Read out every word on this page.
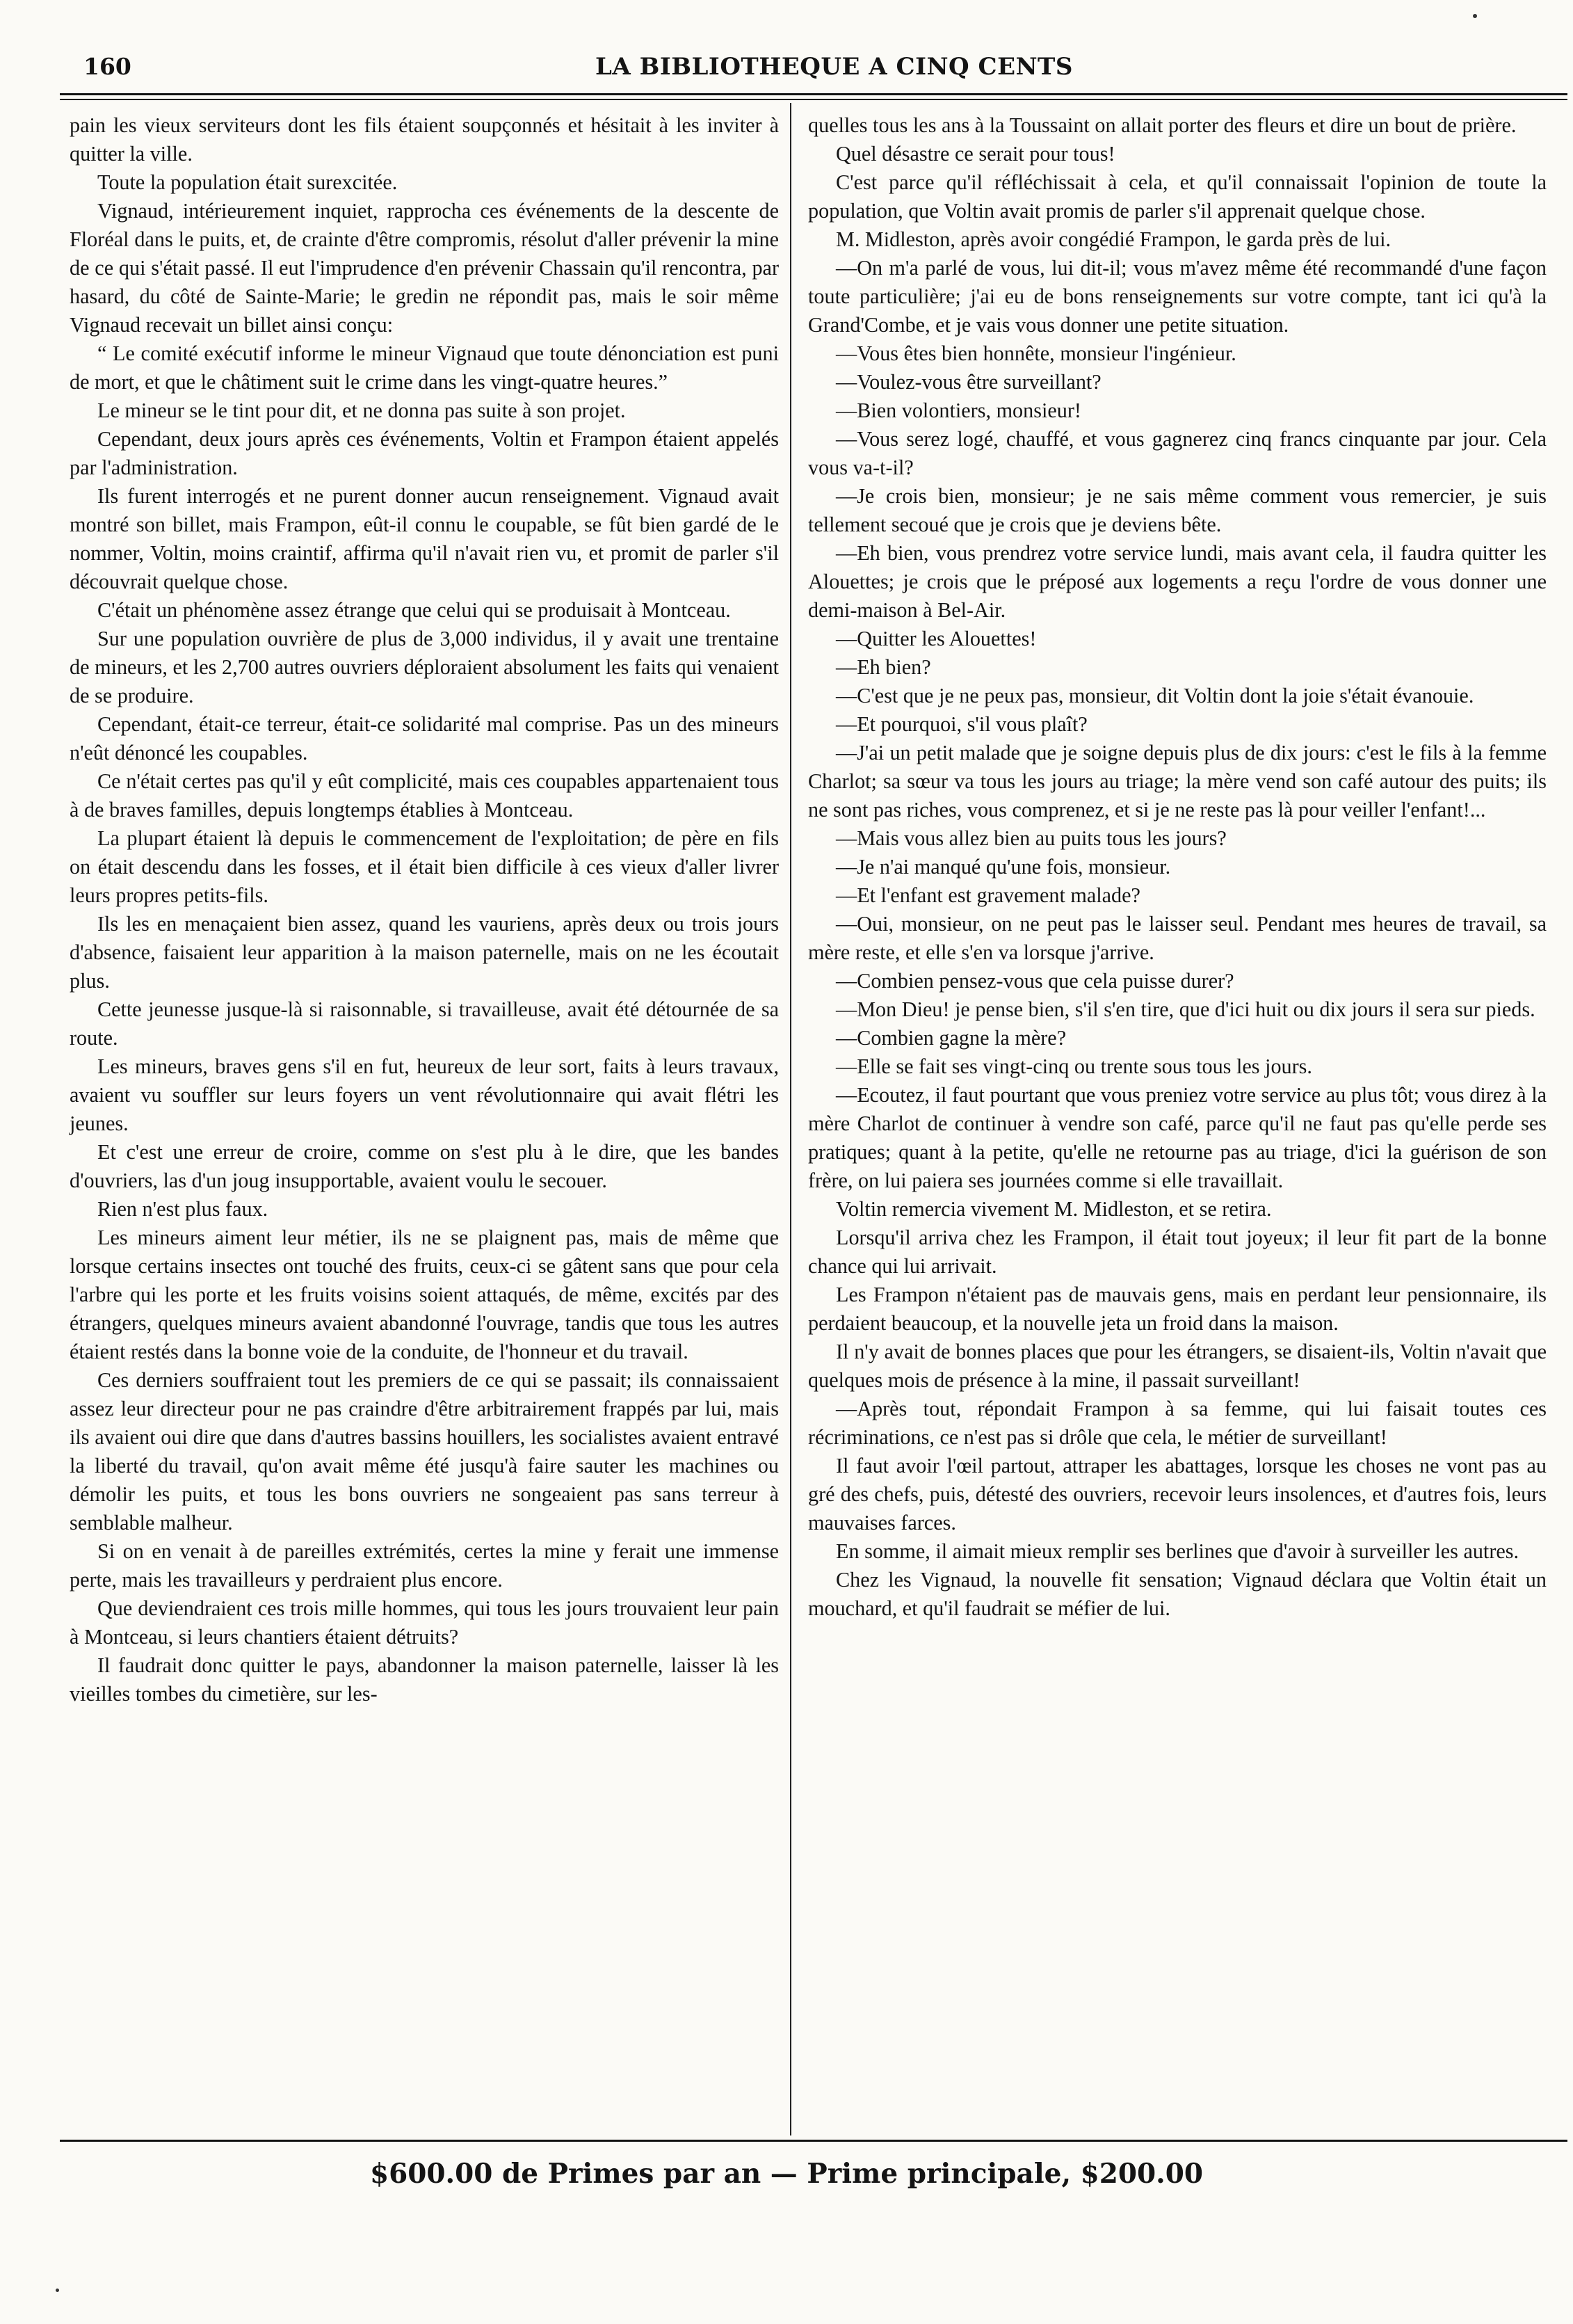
160	LA BIBLIOTHEQUE A CINQ CENTS

pain les vieux serviteurs dont les fils étaient soupçonnés et hésitait à les inviter à quitter la ville.

Toute la population était surexcitée.

Vignaud, intérieurement inquiet, rapprocha ces événements de la descente de Floréal dans le puits, et, de crainte d'être compromis, résolut d'aller prévenir la mine de ce qui s'était passé. Il eut l'imprudence d'en prévenir Chassain qu'il rencontra, par hasard, du côté de Sainte-Marie; le gredin ne répondit pas, mais le soir même Vignaud recevait un billet ainsi conçu:

“ Le comité exécutif informe le mineur Vignaud que toute dénonciation est puni de mort, et que le châtiment suit le crime dans les vingt-quatre heures.”

Le mineur se le tint pour dit, et ne donna pas suite à son projet.

Cependant, deux jours après ces événements, Voltin et Frampon étaient appelés par l'administration.

Ils furent interrogés et ne purent donner aucun renseignement. Vignaud avait montré son billet, mais Frampon, eût-il connu le coupable, se fût bien gardé de le nommer, Voltin, moins craintif, affirma qu'il n'avait rien vu, et promit de parler s'il découvrait quelque chose.

C'était un phénomène assez étrange que celui qui se produisait à Montceau.

Sur une population ouvrière de plus de 3,000 individus, il y avait une trentaine de mineurs, et les 2,700 autres ouvriers déploraient absolument les faits qui venaient de se produire.

Cependant, était-ce terreur, était-ce solidarité mal comprise. Pas un des mineurs n'eût dénoncé les coupables.

Ce n'était certes pas qu'il y eût complicité, mais ces coupables appartenaient tous à de braves familles, depuis longtemps établies à Montceau.

La plupart étaient là depuis le commencement de l'exploitation; de père en fils on était descendu dans les fosses, et il était bien difficile à ces vieux d'aller livrer leurs propres petits-fils.

Ils les en menaçaient bien assez, quand les vauriens, après deux ou trois jours d'absence, faisaient leur apparition à la maison paternelle, mais on ne les écoutait plus.

Cette jeunesse jusque-là si raisonnable, si travailleuse, avait été détournée de sa route.

Les mineurs, braves gens s'il en fut, heureux de leur sort, faits à leurs travaux, avaient vu souffler sur leurs foyers un vent révolutionnaire qui avait flétri les jeunes.

Et c'est une erreur de croire, comme on s'est plu à le dire, que les bandes d'ouvriers, las d'un joug insupportable, avaient voulu le secouer.

Rien n'est plus faux.

Les mineurs aiment leur métier, ils ne se plaignent pas, mais de même que lorsque certains insectes ont touché des fruits, ceux-ci se gâtent sans que pour cela l'arbre qui les porte et les fruits voisins soient attaqués, de même, excités par des étrangers, quelques mineurs avaient abandonné l'ouvrage, tandis que tous les autres étaient restés dans la bonne voie de la conduite, de l'honneur et du travail.

Ces derniers souffraient tout les premiers de ce qui se passait; ils connaissaient assez leur directeur pour ne pas craindre d'être arbitrairement frappés par lui, mais ils avaient oui dire que dans d'autres bassins houillers, les socialistes avaient entravé la liberté du travail, qu'on avait même été jusqu'à faire sauter les machines ou démolir les puits, et tous les bons ouvriers ne songeaient pas sans terreur à semblable malheur.

Si on en venait à de pareilles extrémités, certes la mine y ferait une immense perte, mais les travailleurs y perdraient plus encore.

Que deviendraient ces trois mille hommes, qui tous les jours trouvaient leur pain à Montceau, si leurs chantiers étaient détruits?

Il faudrait donc quitter le pays, abandonner la maison paternelle, laisser là les vieilles tombes du cimetière, sur les-

quelles tous les ans à la Toussaint on allait porter des fleurs et dire un bout de prière.

Quel désastre ce serait pour tous!

C'est parce qu'il réfléchissait à cela, et qu'il connaissait l'opinion de toute la population, que Voltin avait promis de parler s'il apprenait quelque chose.

M. Midleston, après avoir congédié Frampon, le garda près de lui.

—On m'a parlé de vous, lui dit-il; vous m'avez même été recommandé d'une façon toute particulière; j'ai eu de bons renseignements sur votre compte, tant ici qu'à la Grand'Combe, et je vais vous donner une petite situation.

—Vous êtes bien honnête, monsieur l'ingénieur.

—Voulez-vous être surveillant?

—Bien volontiers, monsieur!

—Vous serez logé, chauffé, et vous gagnerez cinq francs cinquante par jour. Cela vous va-t-il?

—Je crois bien, monsieur; je ne sais même comment vous remercier, je suis tellement secoué que je crois que je deviens bête.

—Eh bien, vous prendrez votre service lundi, mais avant cela, il faudra quitter les Alouettes; je crois que le préposé aux logements a reçu l'ordre de vous donner une demi-maison à Bel-Air.

—Quitter les Alouettes!

—Eh bien?

—C'est que je ne peux pas, monsieur, dit Voltin dont la joie s'était évanouie.

—Et pourquoi, s'il vous plaît?

—J'ai un petit malade que je soigne depuis plus de dix jours: c'est le fils à la femme Charlot; sa sœur va tous les jours au triage; la mère vend son café autour des puits; ils ne sont pas riches, vous comprenez, et si je ne reste pas là pour veiller l'enfant!...

—Mais vous allez bien au puits tous les jours?

—Je n'ai manqué qu'une fois, monsieur.

—Et l'enfant est gravement malade?

—Oui, monsieur, on ne peut pas le laisser seul. Pendant mes heures de travail, sa mère reste, et elle s'en va lorsque j'arrive.

—Combien pensez-vous que cela puisse durer?

—Mon Dieu! je pense bien, s'il s'en tire, que d'ici huit ou dix jours il sera sur pieds.

—Combien gagne la mère?

—Elle se fait ses vingt-cinq ou trente sous tous les jours.

—Ecoutez, il faut pourtant que vous preniez votre service au plus tôt; vous direz à la mère Charlot de continuer à vendre son café, parce qu'il ne faut pas qu'elle perde ses pratiques; quant à la petite, qu'elle ne retourne pas au triage, d'ici la guérison de son frère, on lui paiera ses journées comme si elle travaillait.

Voltin remercia vivement M. Midleston, et se retira.

Lorsqu'il arriva chez les Frampon, il était tout joyeux; il leur fit part de la bonne chance qui lui arrivait.

Les Frampon n'étaient pas de mauvais gens, mais en perdant leur pensionnaire, ils perdaient beaucoup, et la nouvelle jeta un froid dans la maison.

Il n'y avait de bonnes places que pour les étrangers, se disaient-ils, Voltin n'avait que quelques mois de présence à la mine, il passait surveillant!

—Après tout, répondait Frampon à sa femme, qui lui faisait toutes ces récriminations, ce n'est pas si drôle que cela, le métier de surveillant!

Il faut avoir l'œil partout, attraper les abattages, lorsque les choses ne vont pas au gré des chefs, puis, détesté des ouvriers, recevoir leurs insolences, et d'autres fois, leurs mauvaises farces.

En somme, il aimait mieux remplir ses berlines que d'avoir à surveiller les autres.

Chez les Vignaud, la nouvelle fit sensation; Vignaud déclara que Voltin était un mouchard, et qu'il faudrait se méfier de lui.

$600.00 de Primes par an — Prime principale, $200.00
